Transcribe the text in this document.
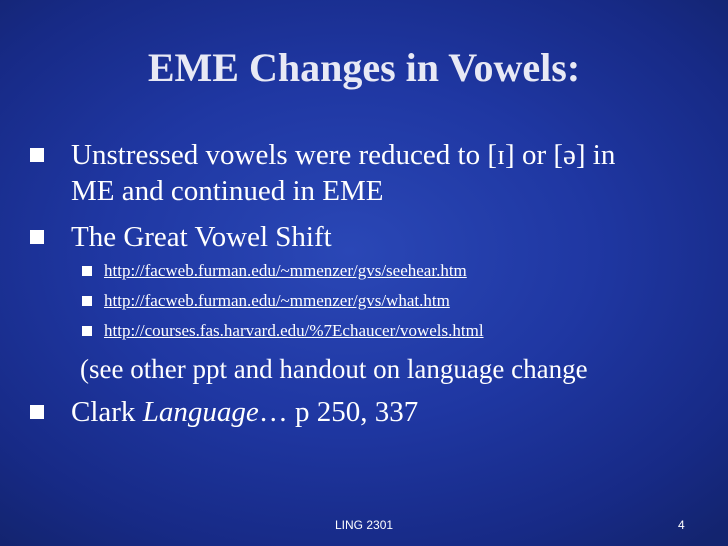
EME Changes in Vowels:
Unstressed vowels were reduced to [ɪ] or [ə] in
ME and continued in EME
The Great Vowel Shift
http://facweb.furman.edu/~mmenzer/gvs/seehear.htm
http://facweb.furman.edu/~mmenzer/gvs/what.htm
http://courses.fas.harvard.edu/%7Echaucer/vowels.html
(see other ppt and handout on language change
Clark Language… p 250, 337
LING 2301	4
